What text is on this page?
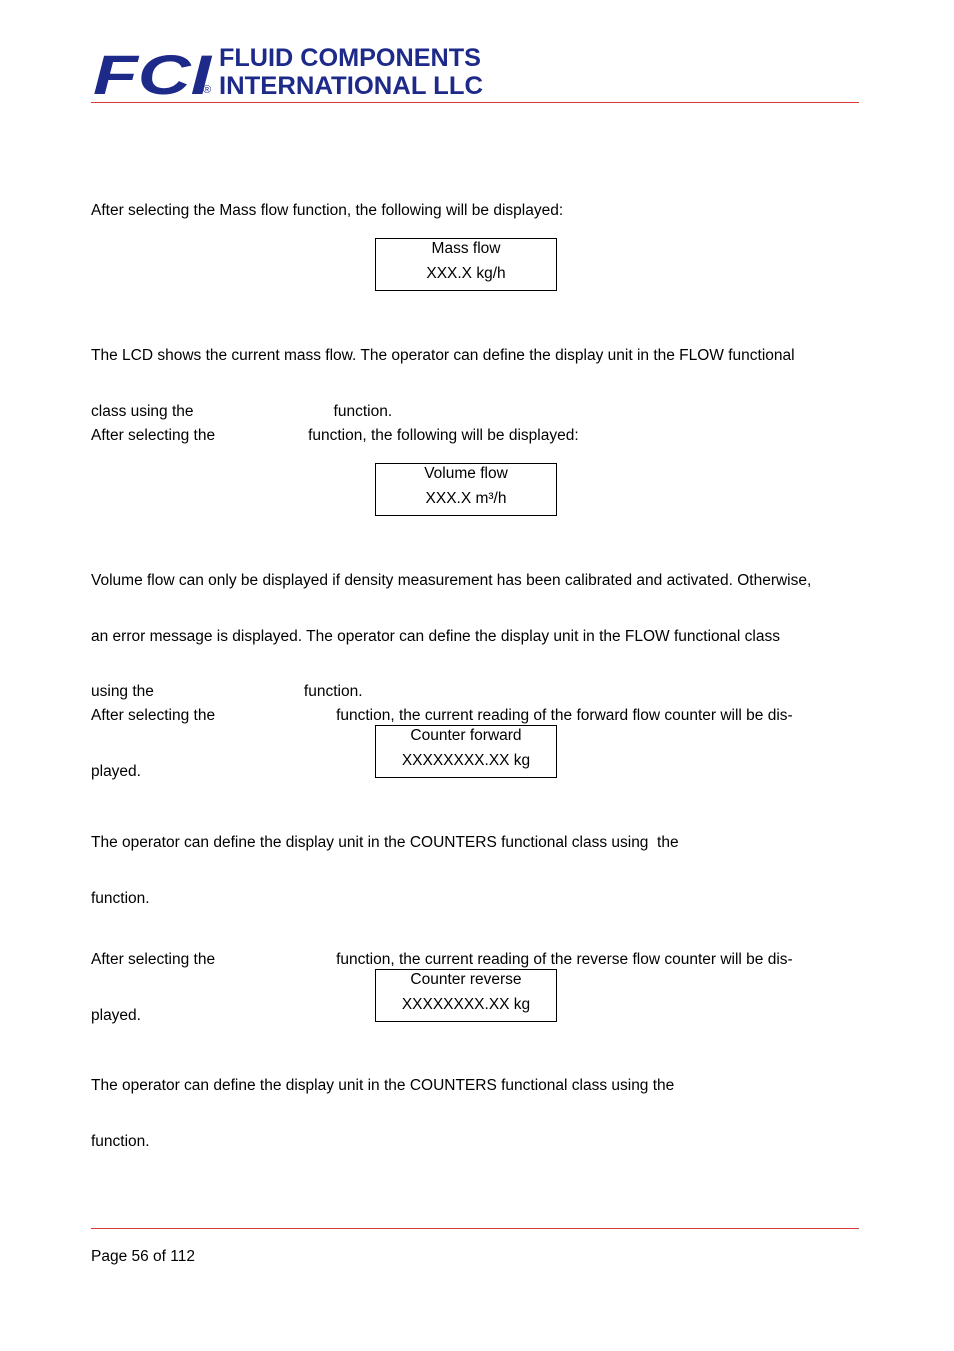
FCI
®
FLUID COMPONENTS
INTERNATIONAL LLC
After selecting the Mass flow function, the following will be displayed:
Mass flow
XXX.X kg/h

The LCD shows the current mass flow. The operator can define the display unit in the FLOW functional

class using the	function.

After selecting the	function, the following will be displayed:
Volume flow
XXX.X m³/h

Volume flow can only be displayed if density measurement has been calibrated and activated. Otherwise,

an error message is displayed. The operator can define the display unit in the FLOW functional class

using the	function.

After selecting the	function, the current reading of the forward flow counter will be dis-

played.

Counter forward
XXXXXXXX.XX kg

The operator can define the display unit in the COUNTERS functional class using  the

function.

After selecting the	function, the current reading of the reverse flow counter will be dis-

played.

Counter reverse
XXXXXXXX.XX kg

The operator can define the display unit in the COUNTERS functional class using the

function.

Page 56 of 112
